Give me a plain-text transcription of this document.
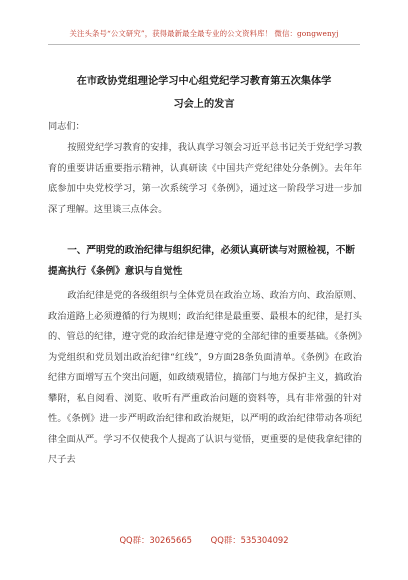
关注头条号“公文研究”，获得最新最全最专业的公文资料库！ 微信：gongwenyj
在市政协党组理论学习中心组党纪学习教育第五次集体学
习会上的发言
同志们：

按照党纪学习教育的安排，我认真学习领会习近平总书记关于党纪学习教育的重要讲话重要指示精神，认真研读《中国共产党纪律处分条例》。去年年底参加中央党校学习，第一次系统学习《条例》，通过这一阶段学习进一步加深了理解。这里谈三点体会。

一、严明党的政治纪律与组织纪律，必须认真研读与对照检视，不断提高执行《条例》意识与自觉性

政治纪律是党的各级组织与全体党员在政治立场、政治方向、政治原则、政治道路上必须遵循的行为规则；政治纪律是最重要、最根本的纪律，是打头的、管总的纪律，遵守党的政治纪律是遵守党的全部纪律的重要基础。《条例》为党组织和党员划出政治纪律“红线”，9方面28条负面清单。《条例》在政治纪律方面增写五个突出问题，如政绩观错位，搞部门与地方保护主义，搞政治攀附，私自阅看、浏览、收听有严重政治问题的资料等，具有非常强的针对性。《条例》进一步严明政治纪律和政治规矩，以严明的政治纪律带动各项纪律全面从严。学习不仅使我个人提高了认识与觉悟，更重要的是使我拿纪律的尺子去

QQ群：30265665 QQ群：535304092
